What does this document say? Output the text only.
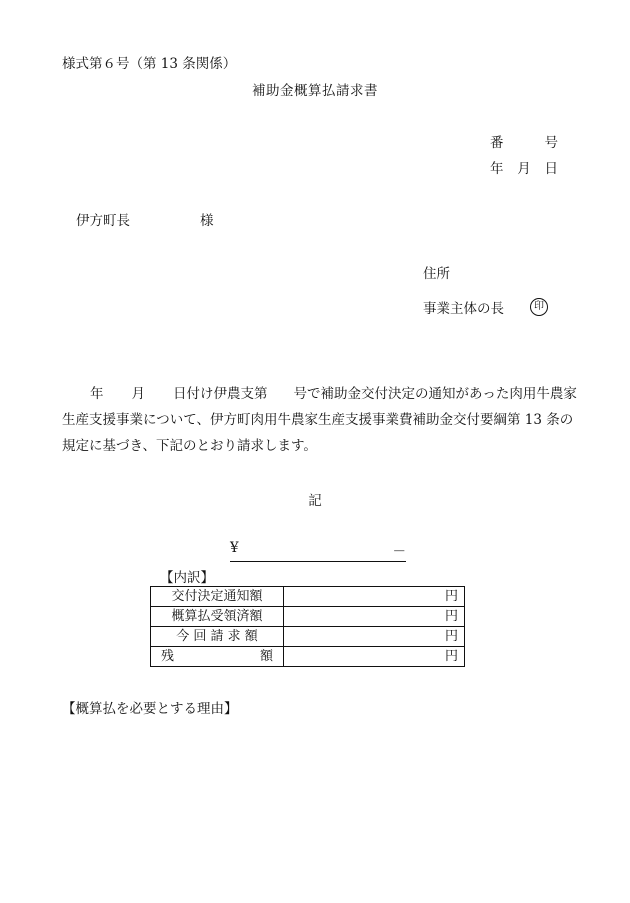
様式第６号（第 13 条関係）
補助金概算払請求書
番	号
年 月 日
伊方町長	様
住所
事業主体の長	印
年 月 日付け伊農支第 号で補助金交付決定の通知があった肉用牛農家生産支援事業について、伊方町肉用牛農家生産支援事業費補助金交付要綱第 13 条の規定に基づき、下記のとおり請求します。
記
¥	－
【内訳】
交付決定通知額	円
概算払受領済額	円
今 回 請 求 額	円

残 額	円
【概算払を必要とする理由】
